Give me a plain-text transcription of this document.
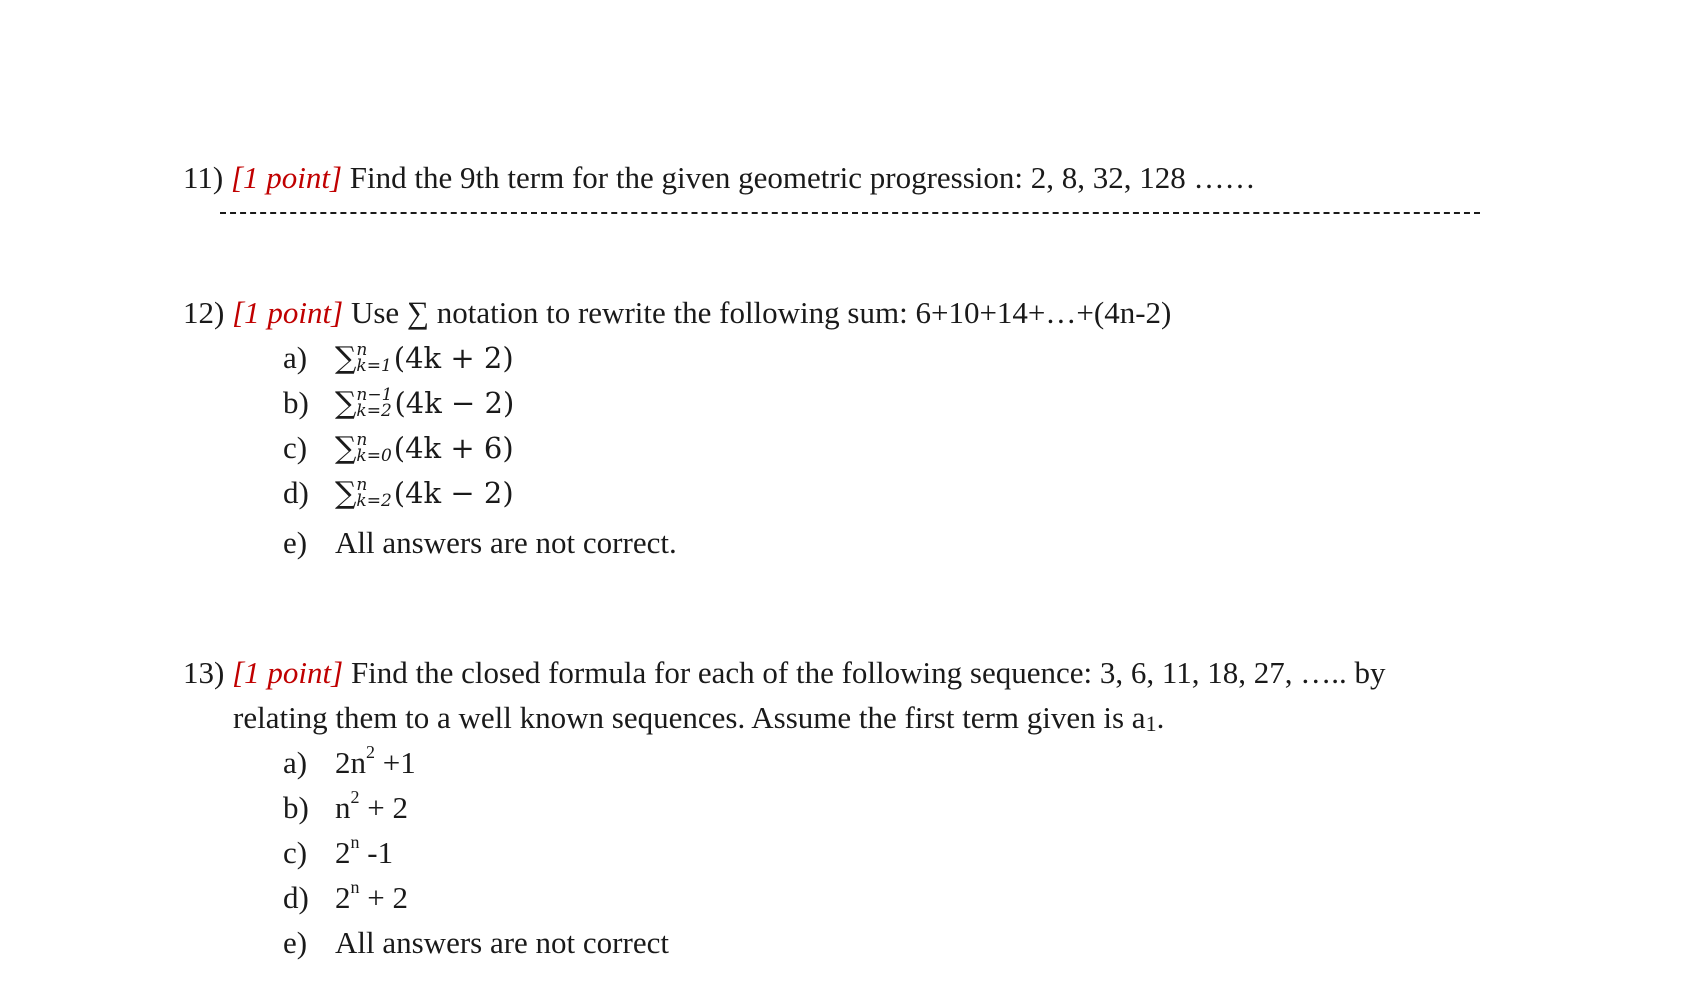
11) [1 point] Find the 9th term for the given geometric progression: 2, 8, 32, 128 ……
12) [1 point] Use ∑ notation to rewrite the following sum: 6+10+14+…+(4n-2)
a) ∑ n
k=1 (4k + 2)
b) ∑ n−1
k=2 (4k − 2)
c) ∑ n
k=0 (4k + 6)
d) ∑ n
k=2 (4k − 2)
e) All answers are not correct.
13) [1 point] Find the closed formula for each of the following sequence: 3, 6, 11, 18, 27, ….. by
relating them to a well known sequences. Assume the first term given is $a_1$.
a) $2n^2 +1$
b) $n^2 + 2$
c) 2$^n$ -1
d) $2^n + 2$
e) All answers are not correct
